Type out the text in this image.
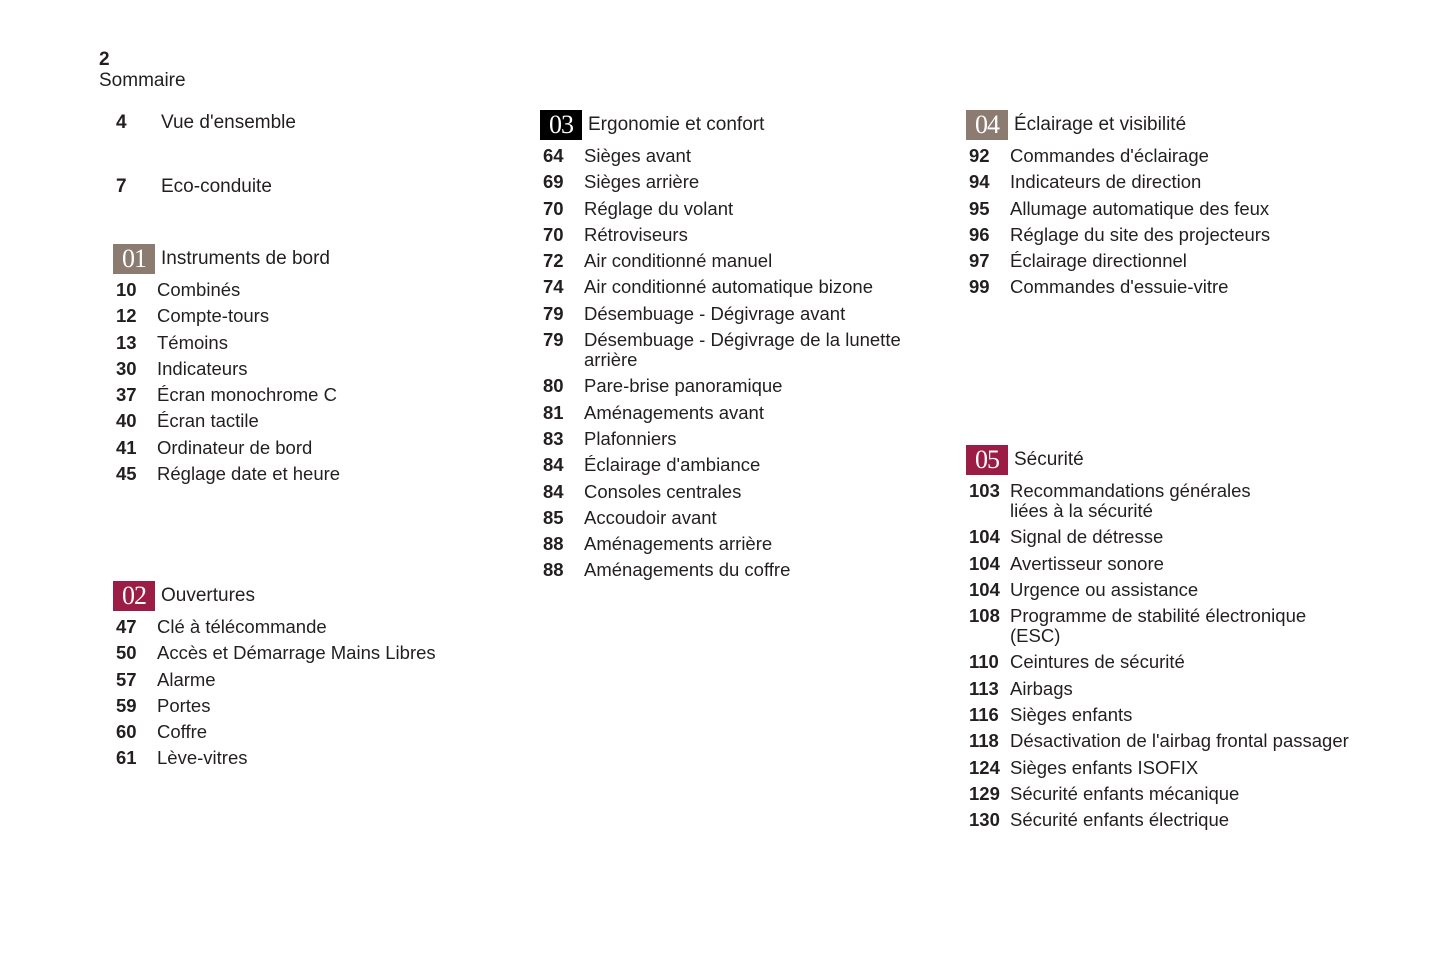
2
Sommaire
4	Vue d'ensemble
7	Eco-conduite
01 Instruments de bord
10	Combinés
12	Compte-tours
13	Témoins
30	Indicateurs
37	Écran monochrome C
40	Écran tactile
41	Ordinateur de bord
45	Réglage date et heure
02 Ouvertures
47	Clé à télécommande
50	Accès et Démarrage Mains Libres
57	Alarme
59	Portes
60	Coffre
61	Lève-vitres
03 Ergonomie et confort
64	Sièges avant
69	Sièges arrière
70	Réglage du volant
70	Rétroviseurs
72	Air conditionné manuel
74	Air conditionné automatique bizone
79	Désembuage - Dégivrage avant
79	Désembuage - Dégivrage de la lunette
arrière
80	Pare-brise panoramique
81	Aménagements avant
83	Plafonniers
84	Éclairage d'ambiance
84	Consoles centrales
85	Accoudoir avant
88	Aménagements arrière
88	Aménagements du coffre
04 Éclairage et visibilité
92	Commandes d'éclairage
94	Indicateurs de direction
95	Allumage automatique des feux
96	Réglage du site des projecteurs
97	Éclairage directionnel
99	Commandes d'essuie-vitre
05 Sécurité
103 Recommandations générales
liées à la sécurité
104 Signal de détresse
104 Avertisseur sonore
104 Urgence ou assistance
108 Programme de stabilité électronique
(ESC)
110 Ceintures de sécurité
113 Airbags
116 Sièges enfants
118 Désactivation de l'airbag frontal passager
124 Sièges enfants ISOFIX
129 Sécurité enfants mécanique
130 Sécurité enfants électrique
